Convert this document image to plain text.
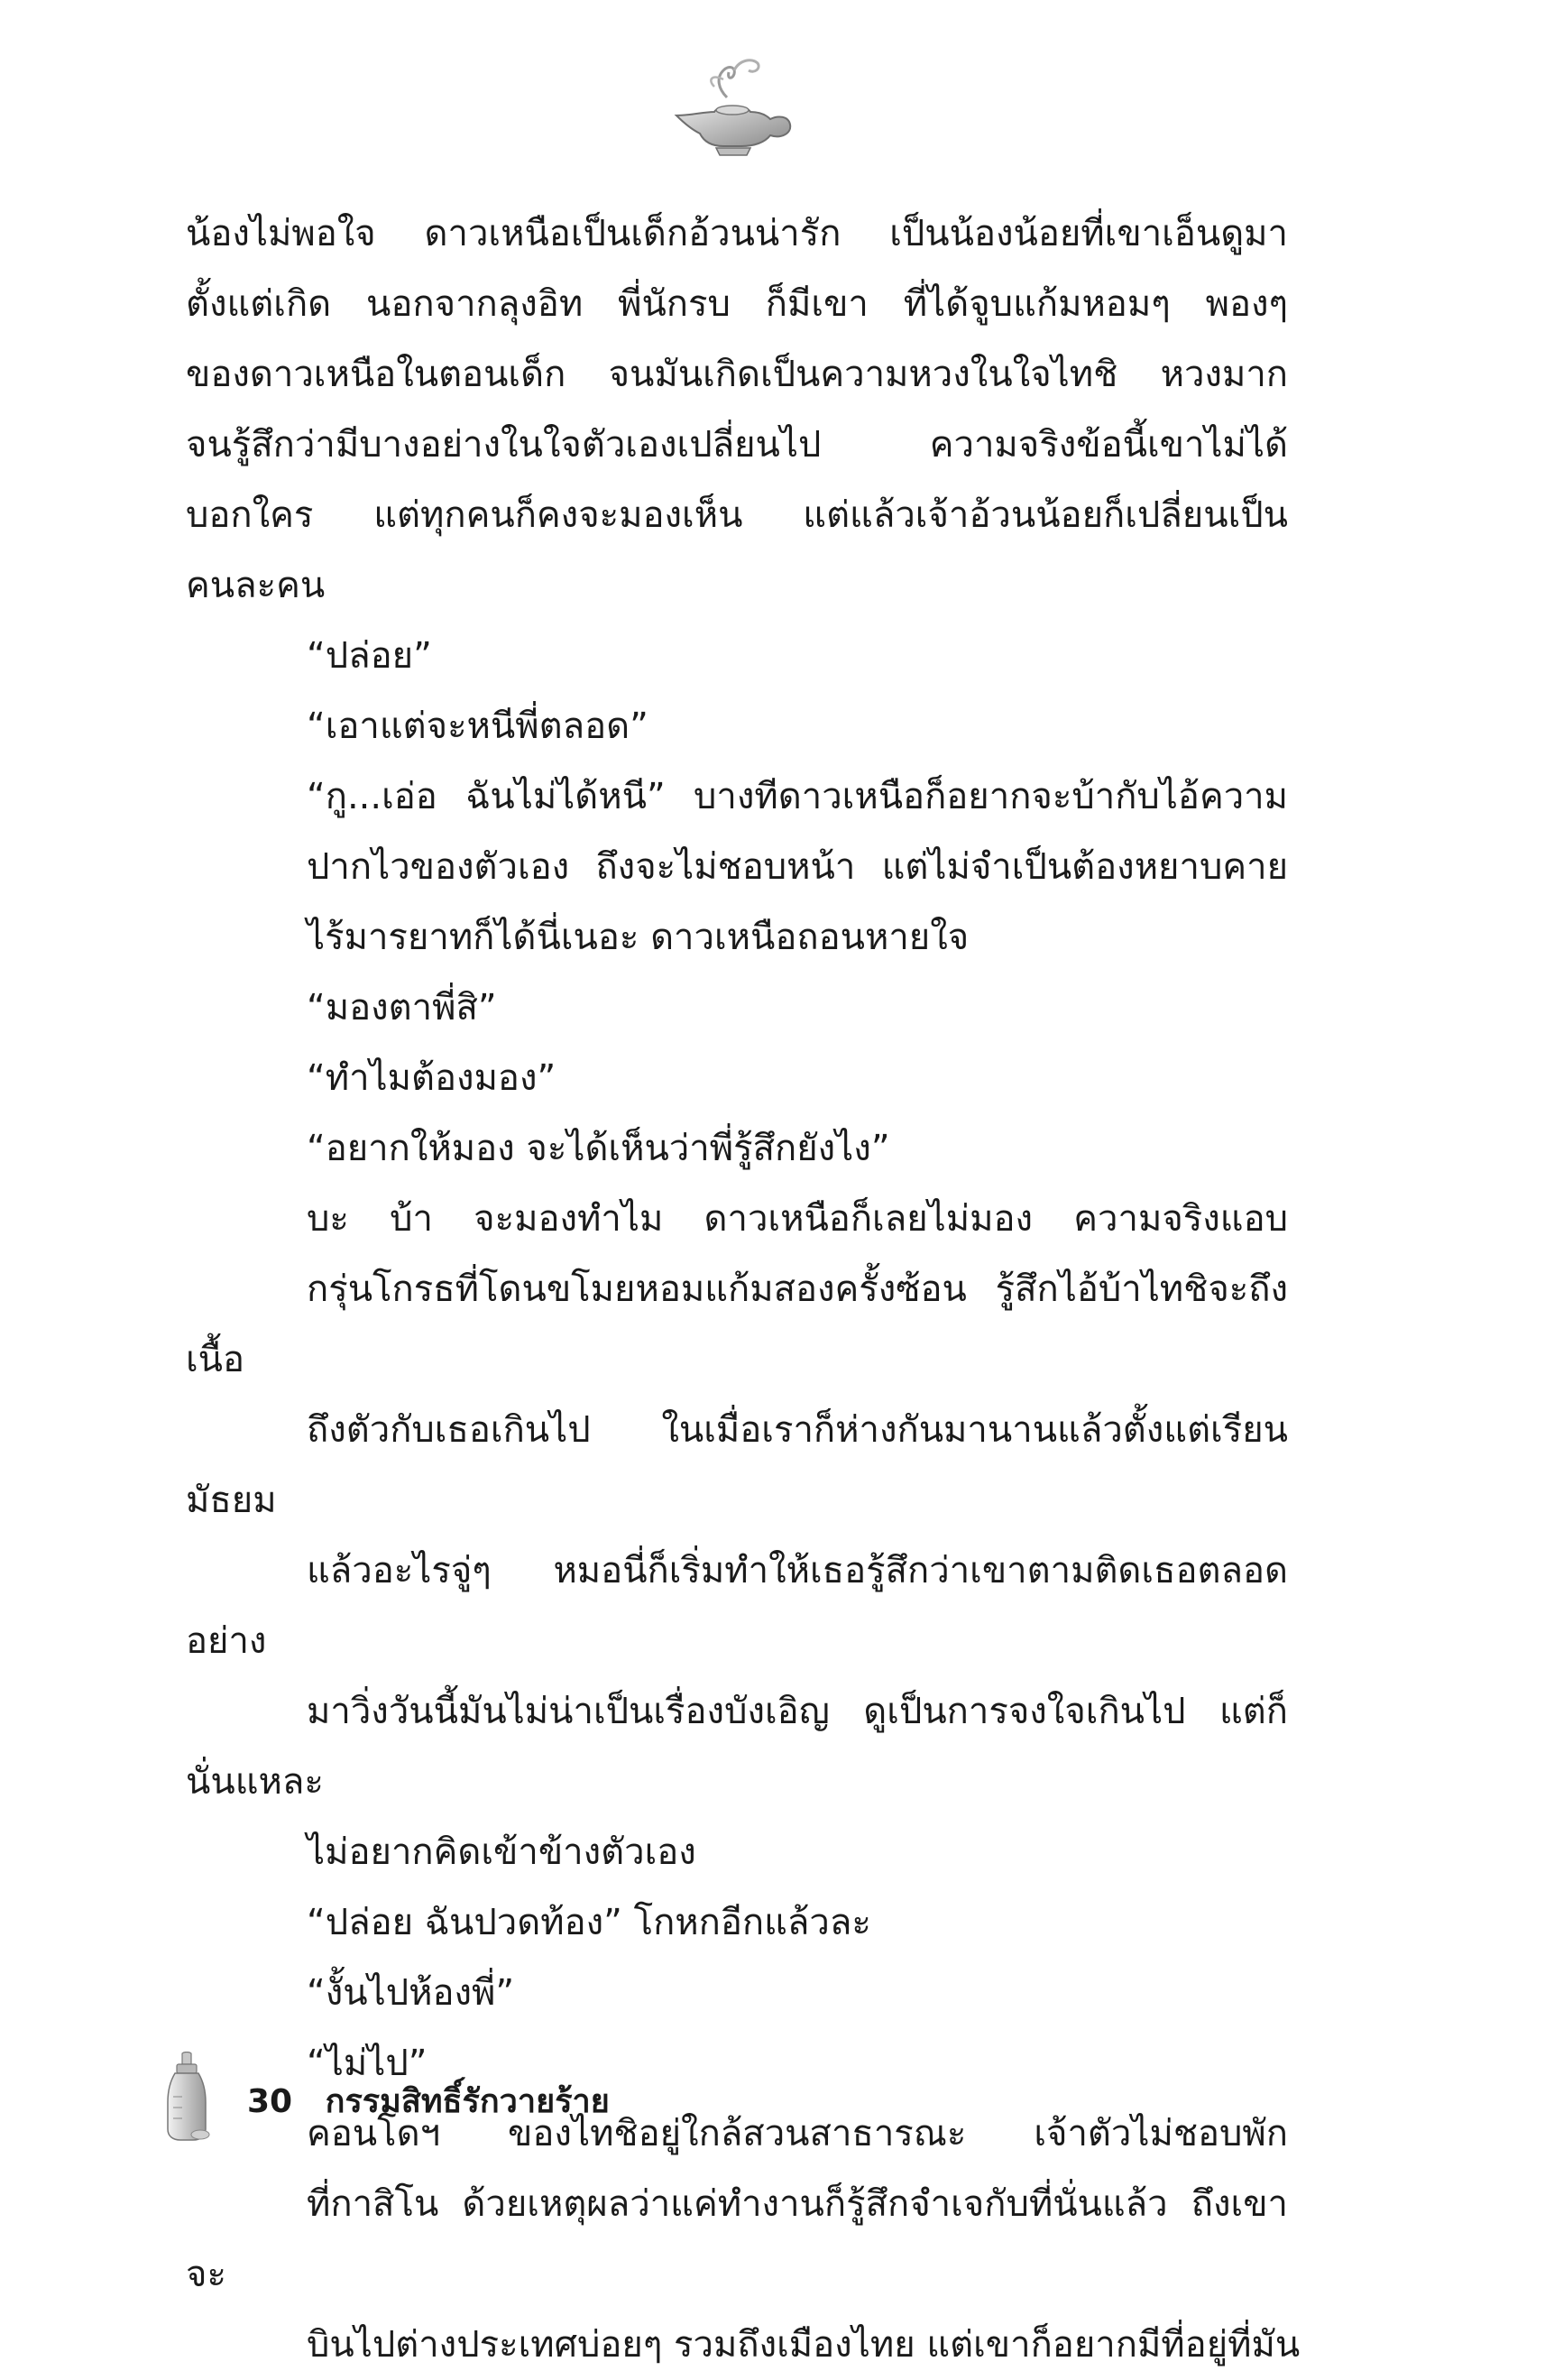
น้องไม่พอใจ ดาวเหนือเป็นเด็กอ้วนน่ารัก เป็นน้องน้อยที่เขาเอ็นดูมา
ตั้งแต่เกิด นอกจากลุงอิท พี่นักรบ ก็มีเขา ที่ได้จูบแก้มหอมๆ พองๆ
ของดาวเหนือในตอนเด็ก จนมันเกิดเป็นความหวงในใจไทชิ หวงมาก
จนรู้สึกว่ามีบางอย่างในใจตัวเองเปลี่ยนไป ความจริงข้อนี้เขาไม่ได้
บอกใคร แต่ทุกคนก็คงจะมองเห็น แต่แล้วเจ้าอ้วนน้อยก็เปลี่ยนเป็น
คนละคน
“ปล่อย”
“เอาแต่จะหนีพี่ตลอด”
“กู...เอ่อ ฉันไม่ได้หนี” บางทีดาวเหนือก็อยากจะบ้ากับไอ้ความ
ปากไวของตัวเอง ถึงจะไม่ชอบหน้า แต่ไม่จำเป็นต้องหยาบคาย
ไร้มารยาทก็ได้นี่เนอะ ดาวเหนือถอนหายใจ
“มองตาพี่สิ”
“ทำไมต้องมอง”
“อยากให้มอง จะได้เห็นว่าพี่รู้สึกยังไง”
บะ บ้า จะมองทำไม ดาวเหนือก็เลยไม่มอง ความจริงแอบ
กรุ่นโกรธที่โดนขโมยหอมแก้มสองครั้งซ้อน รู้สึกไอ้บ้าไทชิจะถึงเนื้อ
ถึงตัวกับเธอเกินไป ในเมื่อเราก็ห่างกันมานานแล้วตั้งแต่เรียนมัธยม
แล้วอะไรจู่ๆ หมอนี่ก็เริ่มทำให้เธอรู้สึกว่าเขาตามติดเธอตลอด อย่าง
มาวิ่งวันนี้มันไม่น่าเป็นเรื่องบังเอิญ ดูเป็นการจงใจเกินไป แต่ก็นั่นแหละ
ไม่อยากคิดเข้าข้างตัวเอง
“ปล่อย ฉันปวดท้อง” โกหกอีกแล้วละ
“งั้นไปห้องพี่”
“ไม่ไป”
คอนโดฯ ของไทชิอยู่ใกล้สวนสาธารณะ เจ้าตัวไม่ชอบพัก
ที่กาสิโน ด้วยเหตุผลว่าแค่ทำงานก็รู้สึกจำเจกับที่นั่นแล้ว ถึงเขาจะ
บินไปต่างประเทศบ่อยๆ รวมถึงเมืองไทย แต่เขาก็อยากมีที่อยู่ที่มัน
30 กรรมสิทธิ์รักวายร้าย
